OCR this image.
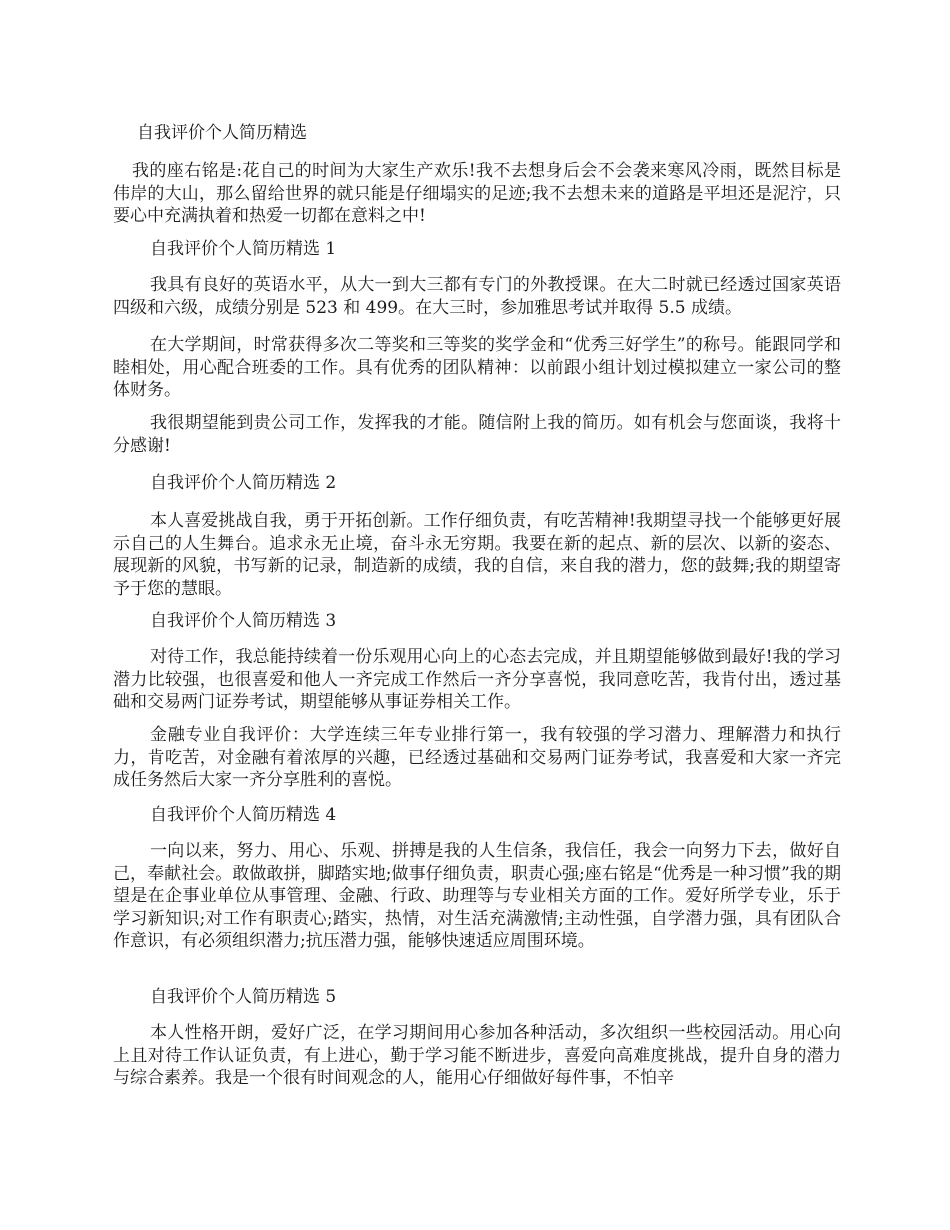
自我评价个人简历精选
我的座右铭是:花自己的时间为大家生产欢乐!我不去想身后会不会袭来寒风冷雨，既然目标是伟岸的大山，那么留给世界的就只能是仔细塌实的足迹;我不去想未来的道路是平坦还是泥泞，只要心中充满执着和热爱一切都在意料之中!
自我评价个人简历精选 1
我具有良好的英语水平，从大一到大三都有专门的外教授课。在大二时就已经透过国家英语四级和六级，成绩分别是 523 和 499。在大三时，参加雅思考试并取得 5.5 成绩。
在大学期间，时常获得多次二等奖和三等奖的奖学金和“优秀三好学生”的称号。能跟同学和睦相处，用心配合班委的工作。具有优秀的团队精神：以前跟小组计划过模拟建立一家公司的整体财务。
我很期望能到贵公司工作，发挥我的才能。随信附上我的简历。如有机会与您面谈，我将十分感谢!
自我评价个人简历精选 2
本人喜爱挑战自我，勇于开拓创新。工作仔细负责，有吃苦精神!我期望寻找一个能够更好展示自己的人生舞台。追求永无止境，奋斗永无穷期。我要在新的起点、新的层次、以新的姿态、展现新的风貌，书写新的记录，制造新的成绩，我的自信，来自我的潜力，您的鼓舞;我的期望寄予于您的慧眼。
自我评价个人简历精选 3
对待工作，我总能持续着一份乐观用心向上的心态去完成，并且期望能够做到最好!我的学习潜力比较强，也很喜爱和他人一齐完成工作然后一齐分享喜悦，我同意吃苦，我肯付出，透过基础和交易两门证券考试，期望能够从事证券相关工作。
金融专业自我评价：大学连续三年专业排行第一，我有较强的学习潜力、理解潜力和执行力，肯吃苦，对金融有着浓厚的兴趣，已经透过基础和交易两门证券考试，我喜爱和大家一齐完成任务然后大家一齐分享胜利的喜悦。
自我评价个人简历精选 4
一向以来，努力、用心、乐观、拼搏是我的人生信条，我信任，我会一向努力下去，做好自己，奉献社会。敢做敢拼，脚踏实地;做事仔细负责，职责心强;座右铭是“优秀是一种习惯”我的期望是在企事业单位从事管理、金融、行政、助理等与专业相关方面的工作。爱好所学专业，乐于学习新知识;对工作有职责心;踏实，热情，对生活充满激情;主动性强，自学潜力强，具有团队合作意识，有必须组织潜力;抗压潜力强，能够快速适应周围环境。
自我评价个人简历精选 5
本人性格开朗，爱好广泛，在学习期间用心参加各种活动，多次组织一些校园活动。用心向上且对待工作认证负责，有上进心，勤于学习能不断进步，喜爱向高难度挑战，提升自身的潜力与综合素养。我是一个很有时间观念的人，能用心仔细做好每件事，不怕辛
